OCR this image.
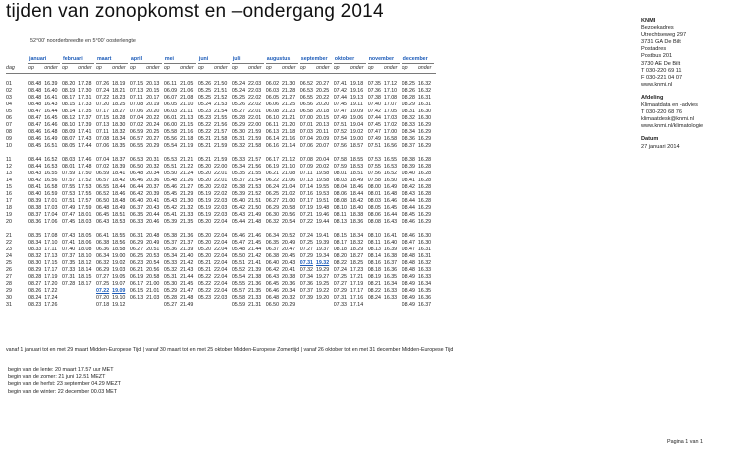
tijden van zonopkomst en –ondergang 2014
52°00' noorderbreedte en 5°00' oosterlengte
	januari			februari			maart			april			mei			juni			juli			augustus			september			oktober			november			december		
dag	op	onder		op	onder		op	onder		op	onder		op	onder		op	onder		op	onder		op	onder		op	onder		op	onder		op	onder		op	onder	

01	08.48	16.39		08.20	17.28		07.26	18.19		07.15	20.13		06.11	21.05		05.26	21.50		05.24	22.03		06.02	21.30		06.52	20.27		07.41	19.18		07.35	17.12		08.25	16.32	
02	08.48	16.40		08.19	17.30		07.24	18.21		07.13	20.15		06.09	21.06		05.25	21.51		05.24	22.03		06.03	21.28		06.53	20.25		07.42	19.16		07.36	17.10		08.26	16.32	
03	08.48	16.41		08.17	17.31		07.22	18.23		07.11	20.17		06.07	21.08		05.25	21.52		05.25	22.02		06.05	21.27		06.55	20.22		07.44	19.13		07.38	17.08		08.28	16.31	
04	08.48	16.43		08.15	17.33		07.20	18.25		07.08	20.19		06.05	21.10		05.24	21.53		05.26	22.02		06.06	21.25		06.56	20.20		07.45	19.11		07.40	17.07		08.29	16.31	
05	08.47	16.44		08.14	17.35		07.17	18.27		07.06	20.20		06.03	21.11		05.23	21.54		05.27	22.01		06.08	21.23		06.58	20.18		07.47	19.09		07.42	17.05		08.31	16.30	
06	08.47	16.45		08.12	17.37		07.15	18.28		07.04	20.22		06.01	21.13		05.23	21.55		05.28	22.01		06.10	21.21		07.00	20.15		07.49	19.06		07.44	17.03		08.32	16.30	
07	08.47	16.46		08.10	17.39		07.13	18.30		07.02	20.24		06.00	21.15		05.22	21.56		05.29	22.00		06.11	21.20		07.01	20.13		07.51	19.04		07.45	17.02		08.33	16.29	
08	08.46	16.48		08.09	17.41		07.11	18.32		06.59	20.25		05.58	21.16		05.22	21.57		05.30	21.59		06.13	21.18		07.03	20.11		07.52	19.02		07.47	17.00		08.34	16.29	
09	08.46	16.49		08.07	17.43		07.08	18.34		06.57	20.27		05.56	21.18		05.21	21.58		05.31	21.59		06.14	21.16		07.04	20.09		07.54	19.00		07.49	16.58		08.36	16.29	
10	08.45	16.51		08.05	17.44		07.06	18.35		06.55	20.29		05.54	21.19		05.21	21.59		05.32	21.58		06.16	21.14		07.06	20.07		07.56	18.57		07.51	16.56		08.37	16.29	

11	08.44	16.52		08.03	17.46		07.04	18.37		06.53	20.31		05.53	21.21		05.21	21.59		05.33	21.57		06.17	21.12		07.08	20.04		07.58	18.55		07.53	16.55		08.38	16.28	
12	08.44	16.53		08.01	17.48		07.02	18.39		06.50	20.32		05.51	21.22		05.20	22.00		05.34	21.56		06.19	21.10		07.09	20.02		07.59	18.53		07.55	16.53		08.39	16.28	
13	08.43	16.55		07.59	17.50		06.59	18.41		06.48	20.34		05.50	21.24		05.20	22.01		05.35	21.55		06.21	21.08		07.11	19.58		08.01	18.51		07.56	16.52		08.40	16.28	
14	08.42	16.56		07.57	17.52		06.57	18.42		06.46	20.36		05.48	21.26		05.20	22.01		05.37	21.54		06.22	21.06		07.13	19.58		08.03	18.49		07.58	16.50		08.41	16.28	
15	08.41	16.58		07.55	17.53		06.55	18.44		06.44	20.37		05.46	21.27		05.20	22.02		05.38	21.53		06.24	21.04		07.14	19.55		08.04	18.46		08.00	16.49		08.42	16.28	
16	08.40	16.59		07.53	17.55		06.52	18.46		06.42	20.39		05.45	21.29		05.19	22.02		05.39	21.52		06.25	21.02		07.16	19.53		08.06	18.44		08.01	16.48		08.43	16.28	
17	08.39	17.01		07.51	17.57		06.50	18.48		06.40	20.41		05.43	21.30		05.19	22.03		05.40	21.51		06.27	21.00		07.17	19.51		08.08	18.42		08.03	16.46		08.44	16.28	
18	08.38	17.03		07.49	17.59		06.48	18.49		06.37	20.43		05.42	21.32		05.19	22.03		05.42	21.50		06.29	20.58		07.19	19.48		08.10	18.40		08.05	16.45		08.44	16.29	
19	08.37	17.04		07.47	18.01		06.45	18.51		06.35	20.44		05.41	21.33		05.19	22.03		05.43	21.49		06.30	20.56		07.21	19.46		08.11	18.38		08.06	16.44		08.45	16.29	
20	08.36	17.06		07.45	18.03		06.43	18.53		06.33	20.46		05.39	21.35		05.20	22.04		05.44	21.48		06.32	20.54		07.22	19.44		08.13	18.36		08.08	16.43		08.46	16.29	

21	08.35	17.08		07.43	18.05		06.41	18.55		06.31	20.48		05.38	21.36		05.20	22.04		05.46	21.46		06.34	20.52		07.24	19.41		08.15	18.34		08.10	16.41		08.46	16.30	
22	08.34	17.10		07.41	18.06		06.38	18.56		06.29	20.49		05.37	21.37		05.20	22.04		05.47	21.45		06.35	20.49		07.25	19.39		08.17	18.32		08.11	16.40		08.47	16.30	
23	08.33	17.11		07.40	18.08		06.36	18.58		06.27	20.51		05.36	21.39		05.20	22.04		05.48	21.44		06.37	20.47		07.27	19.37		08.18	18.29		08.13	16.39		08.47	16.31	
24	08.32	17.13		07.37	18.10		06.34	19.00		06.25	20.53		05.34	21.40		05.20	22.04		05.50	21.42		06.38	20.45		07.29	19.34		08.20	18.27		08.14	16.38		08.48	16.31	
25	08.30	17.15		07.35	18.12		06.32	19.02		06.23	20.54		05.33	21.42		05.21	22.04		05.51	21.41		06.40	20.43		07.31	19.32		08.22	18.25		08.16	16.37		08.48	16.32	
26	08.29	17.17		07.33	18.14		06.29	19.03		06.21	20.56		05.32	21.43		05.21	22.04		05.52	21.39		06.42	20.41		07.32	19.29		07.24	17.23		08.18	16.36		08.48	16.33	
27	08.28	17.19		07.31	18.15		07.27	19.05		06.19	20.58		05.31	21.44		05.22	22.04		05.54	21.38		06.43	20.38		07.34	19.27		07.25	17.21		08.19	16.35		08.49	16.33	
28	08.27	17.20		07.28	18.17		07.25	19.07		06.17	21.00		05.30	21.45		05.22	22.04		05.55	21.36		06.45	20.36		07.36	19.25		07.27	17.19		08.21	16.34		08.49	16.34	
29	08.26	17.22					07.22	19.09		06.15	21.01		05.29	21.47		05.22	22.04		05.57	21.35		06.46	20.34		07.37	19.22		07.29	17.17		08.22	16.33		08.49	16.35	
30	08.24	17.24					07.20	19.10		06.13	21.03		05.28	21.48		05.23	22.03		05.58	21.33		06.48	20.32		07.39	19.20		07.31	17.16		08.24	16.33		08.49	16.36	
31	08.23	17.26					07.18	19.12					05.27	21.49					05.59	21.31		06.50	20.29					07.33	17.14					08.49	16.37	
KNMI
Bezoekadres
Utrechtseweg 297
3731 GA De Bilt
Postadres
Postbus 201
3730 AE De Bilt
T 030-220 69 11
F 030-221 04 07
www.knmi.nl
Afdeling
Klimaatdata en -advies
T 030-220 68 76
klimaatdesk@knmi.nl
www.knmi.nl/klimatologie
Datum
27 januari 2014
vanaf 1 januari tot en met 29 maart Midden-Europese Tijd | vanaf 30 maart tot en met 25 oktober Midden-Europese Zomertijd | vanaf 26 oktober tot en met 31 december Midden-Europese Tijd
begin van de lente: 20 maart 17.57 uur MET
begin van de zomer: 21 juni 12.51 MEZT
begin van de herfst: 23 september 04.29 MEZT
begin van de winter: 22 december 00.03 MET
Pagina 1 van 1
